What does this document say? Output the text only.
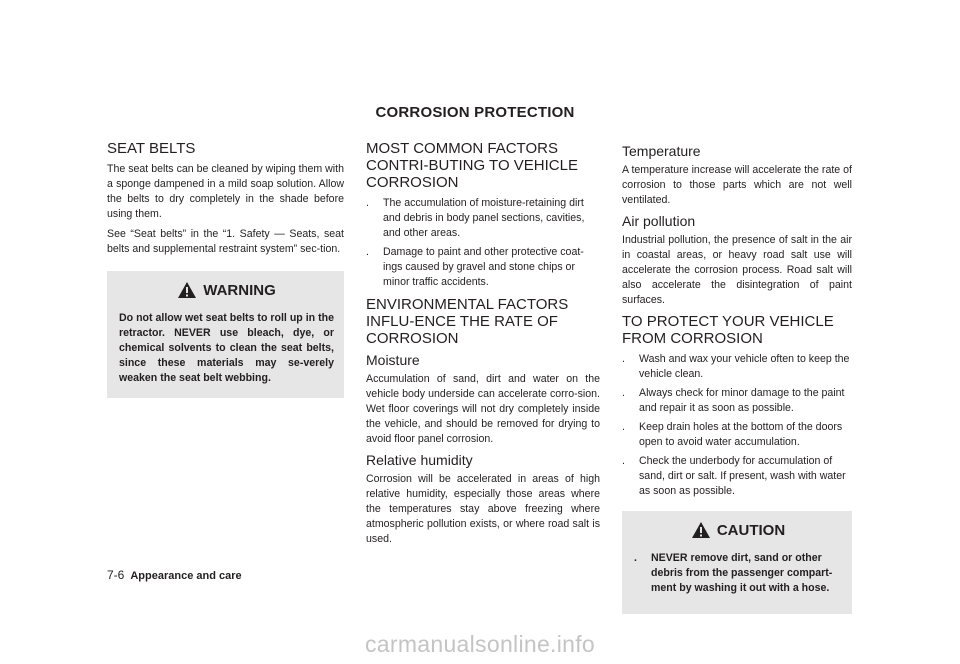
CORROSION PROTECTION
SEAT BELTS

The seat belts can be cleaned by wiping them with a sponge dampened in a mild soap solution. Allow the belts to dry completely in the shade before using them.

See “Seat belts” in the “1. Safety — Seats, seat belts and supplemental restraint system” sec-tion.

WARNING
Do not allow wet seat belts to roll up in the retractor. NEVER use bleach, dye, or chemical solvents to clean the seat belts, since these materials may se-verely weaken the seat belt webbing.
MOST COMMON FACTORS CONTRI-BUTING TO VEHICLE CORROSION
. The accumulation of moisture-retaining dirt and debris in body panel sections, cavities, and other areas.
. Damage to paint and other protective coat-ings caused by gravel and stone chips or minor traffic accidents.
ENVIRONMENTAL FACTORS INFLU-ENCE THE RATE OF CORROSION
Moisture

Accumulation of sand, dirt and water on the vehicle body underside can accelerate corro-sion. Wet floor coverings will not dry completely inside the vehicle, and should be removed for drying to avoid floor panel corrosion.

Relative humidity

Corrosion will be accelerated in areas of high relative humidity, especially those areas where the temperatures stay above freezing where atmospheric pollution exists, or where road salt is used.

Temperature

A temperature increase will accelerate the rate of corrosion to those parts which are not well ventilated.

Air pollution

Industrial pollution, the presence of salt in the air in coastal areas, or heavy road salt use will accelerate the corrosion process. Road salt will also accelerate the disintegration of paint surfaces.

TO PROTECT YOUR VEHICLE FROM CORROSION
. Wash and wax your vehicle often to keep the vehicle clean.
. Always check for minor damage to the paint and repair it as soon as possible.
. Keep drain holes at the bottom of the doors open to avoid water accumulation.
. Check the underbody for accumulation of sand, dirt or salt. If present, wash with water as soon as possible.
CAUTION
. NEVER remove dirt, sand or other debris from the passenger compart-ment by washing it out with a hose.
7-6 Appearance and care
carmanualsonline.info
